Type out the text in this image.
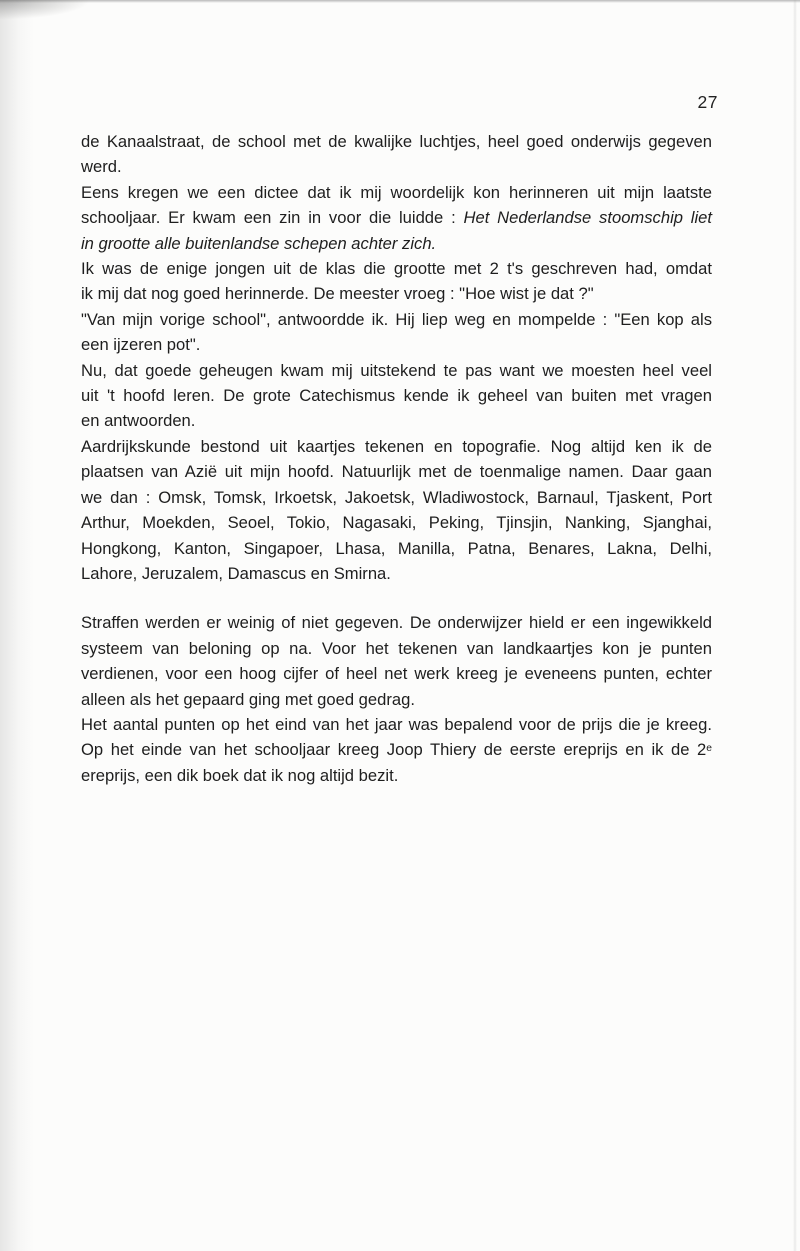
27
de Kanaalstraat, de school met de kwalijke luchtjes, heel goed onderwijs gegeven
werd.
Eens kregen we een dictee dat ik mij woordelijk kon herinneren uit mijn laatste
schooljaar. Er kwam een zin in voor die luidde : Het Nederlandse stoomschip liet
in grootte alle buitenlandse schepen achter zich.
Ik was de enige jongen uit de klas die grootte met 2 t's geschreven had, omdat
ik mij dat nog goed herinnerde. De meester vroeg : "Hoe wist je dat ?"
"Van mijn vorige school", antwoordde ik. Hij liep weg en mompelde : "Een kop als
een ijzeren pot".
Nu, dat goede geheugen kwam mij uitstekend te pas want we moesten heel veel
uit 't hoofd leren. De grote Catechismus kende ik geheel van buiten met vragen
en antwoorden.
Aardrijkskunde bestond uit kaartjes tekenen en topografie. Nog altijd ken ik de
plaatsen van Azië uit mijn hoofd. Natuurlijk met de toenmalige namen. Daar gaan
we dan : Omsk, Tomsk, Irkoetsk, Jakoetsk, Wladiwostock, Barnaul, Tjaskent, Port
Arthur, Moekden, Seoel, Tokio, Nagasaki, Peking, Tjinsjin, Nanking, Sjanghai,
Hongkong, Kanton, Singapoer, Lhasa, Manilla, Patna, Benares, Lakna, Delhi,
Lahore, Jeruzalem, Damascus en Smirna.
Straffen werden er weinig of niet gegeven. De onderwijzer hield er een ingewikkeld
systeem van beloning op na. Voor het tekenen van landkaartjes kon je punten
verdienen, voor een hoog cijfer of heel net werk kreeg je eveneens punten, echter
alleen als het gepaard ging met goed gedrag.
Het aantal punten op het eind van het jaar was bepalend voor de prijs die je kreeg.
Op het einde van het schooljaar kreeg Joop Thiery de eerste ereprijs en ik de 2e
ereprijs, een dik boek dat ik nog altijd bezit.
